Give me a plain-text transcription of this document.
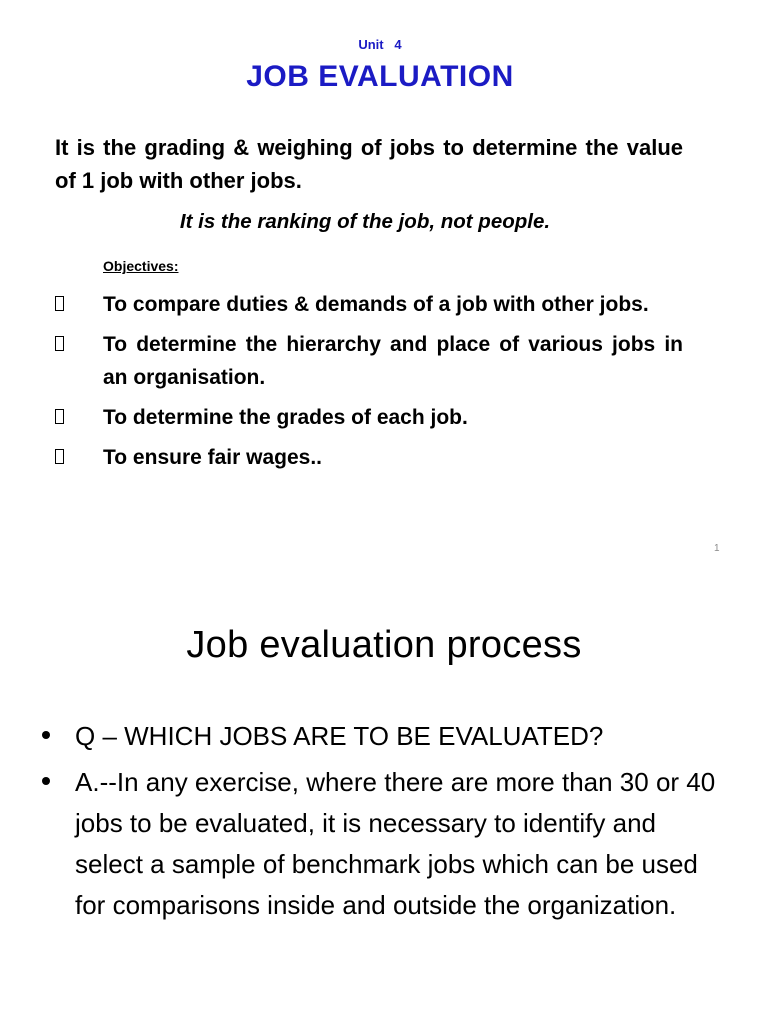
Unit   4
JOB EVALUATION
It is the grading & weighing of jobs to determine the value of 1 job with other jobs.
It is the ranking of the job, not people.
Objectives:
To compare duties & demands of a job with other jobs.
To determine the hierarchy and place of various jobs in an organisation.
To determine the grades of each job.
To ensure fair wages..
1
Job evaluation process
Q – WHICH JOBS ARE TO BE EVALUATED?
A.--In any exercise, where there are more than 30 or 40 jobs to be evaluated, it is necessary to identify and select a sample of benchmark jobs which can be used for comparisons inside and outside the organization.
